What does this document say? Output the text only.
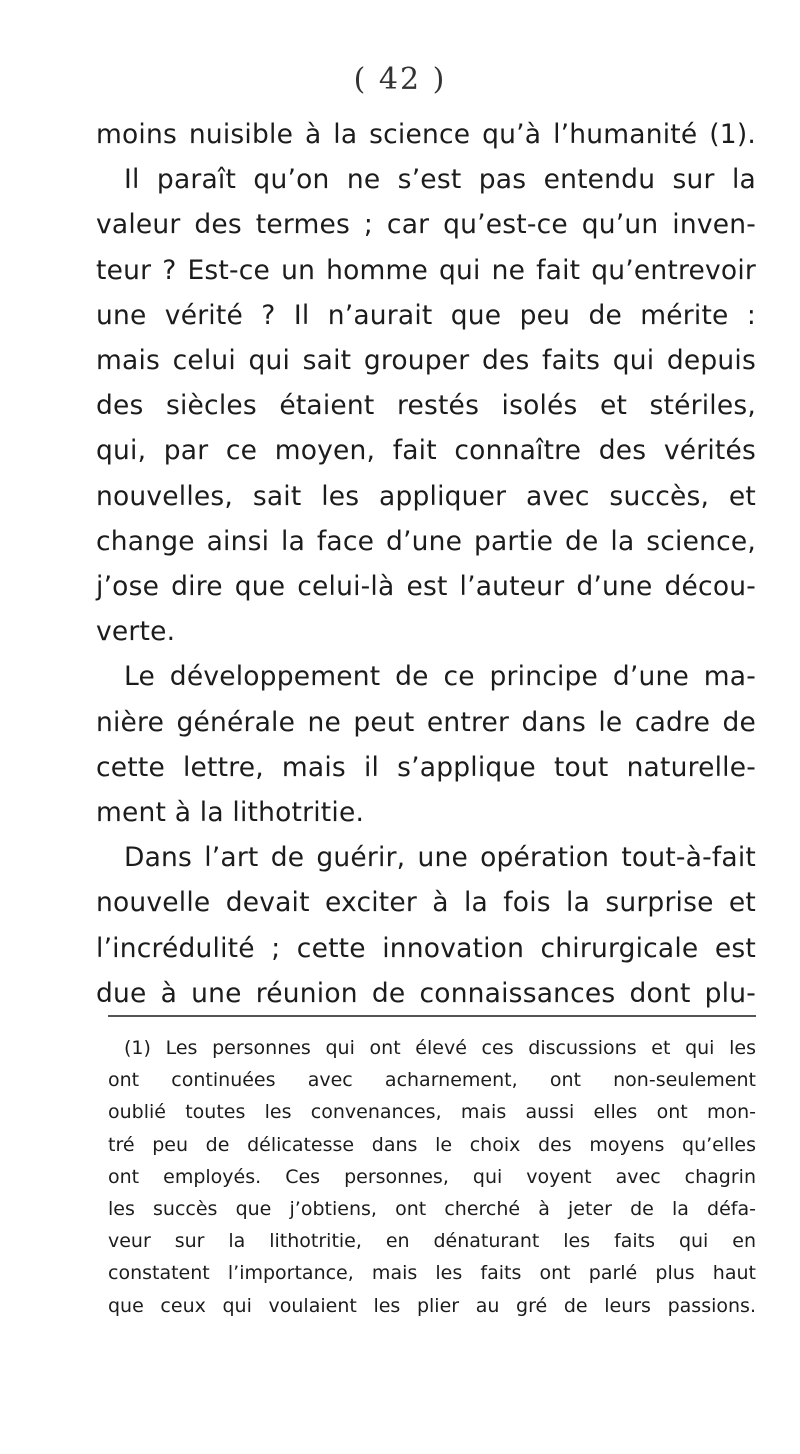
( 42 )
moins nuisible à la science qu’à l’humanité (1).
Il paraît qu’on ne s’est pas entendu sur la
valeur des termes ; car qu’est-ce qu’un inven-
teur ? Est-ce un homme qui ne fait qu’entrevoir
une vérité ? Il n’aurait que peu de mérite :
mais celui qui sait grouper des faits qui depuis
des siècles étaient restés isolés et stériles,
qui, par ce moyen, fait connaître des vérités
nouvelles, sait les appliquer avec succès, et
change ainsi la face d’une partie de la science,
j’ose dire que celui-là est l’auteur d’une décou-
verte.
Le développement de ce principe d’une ma-
nière générale ne peut entrer dans le cadre de
cette lettre, mais il s’applique tout naturelle-
ment à la lithotritie.
Dans l’art de guérir, une opération tout-à-fait
nouvelle devait exciter à la fois la surprise et
l’incrédulité ; cette innovation chirurgicale est
due à une réunion de connaissances dont plu-
(1) Les personnes qui ont élevé ces discussions et qui les
ont continuées avec acharnement, ont non-seulement
oublié toutes les convenances, mais aussi elles ont mon-
tré peu de délicatesse dans le choix des moyens qu’elles
ont employés. Ces personnes, qui voyent avec chagrin
les succès que j’obtiens, ont cherché à jeter de la défa-
veur sur la lithotritie, en dénaturant les faits qui en
constatent l’importance, mais les faits ont parlé plus haut
que ceux qui voulaient les plier au gré de leurs passions.
